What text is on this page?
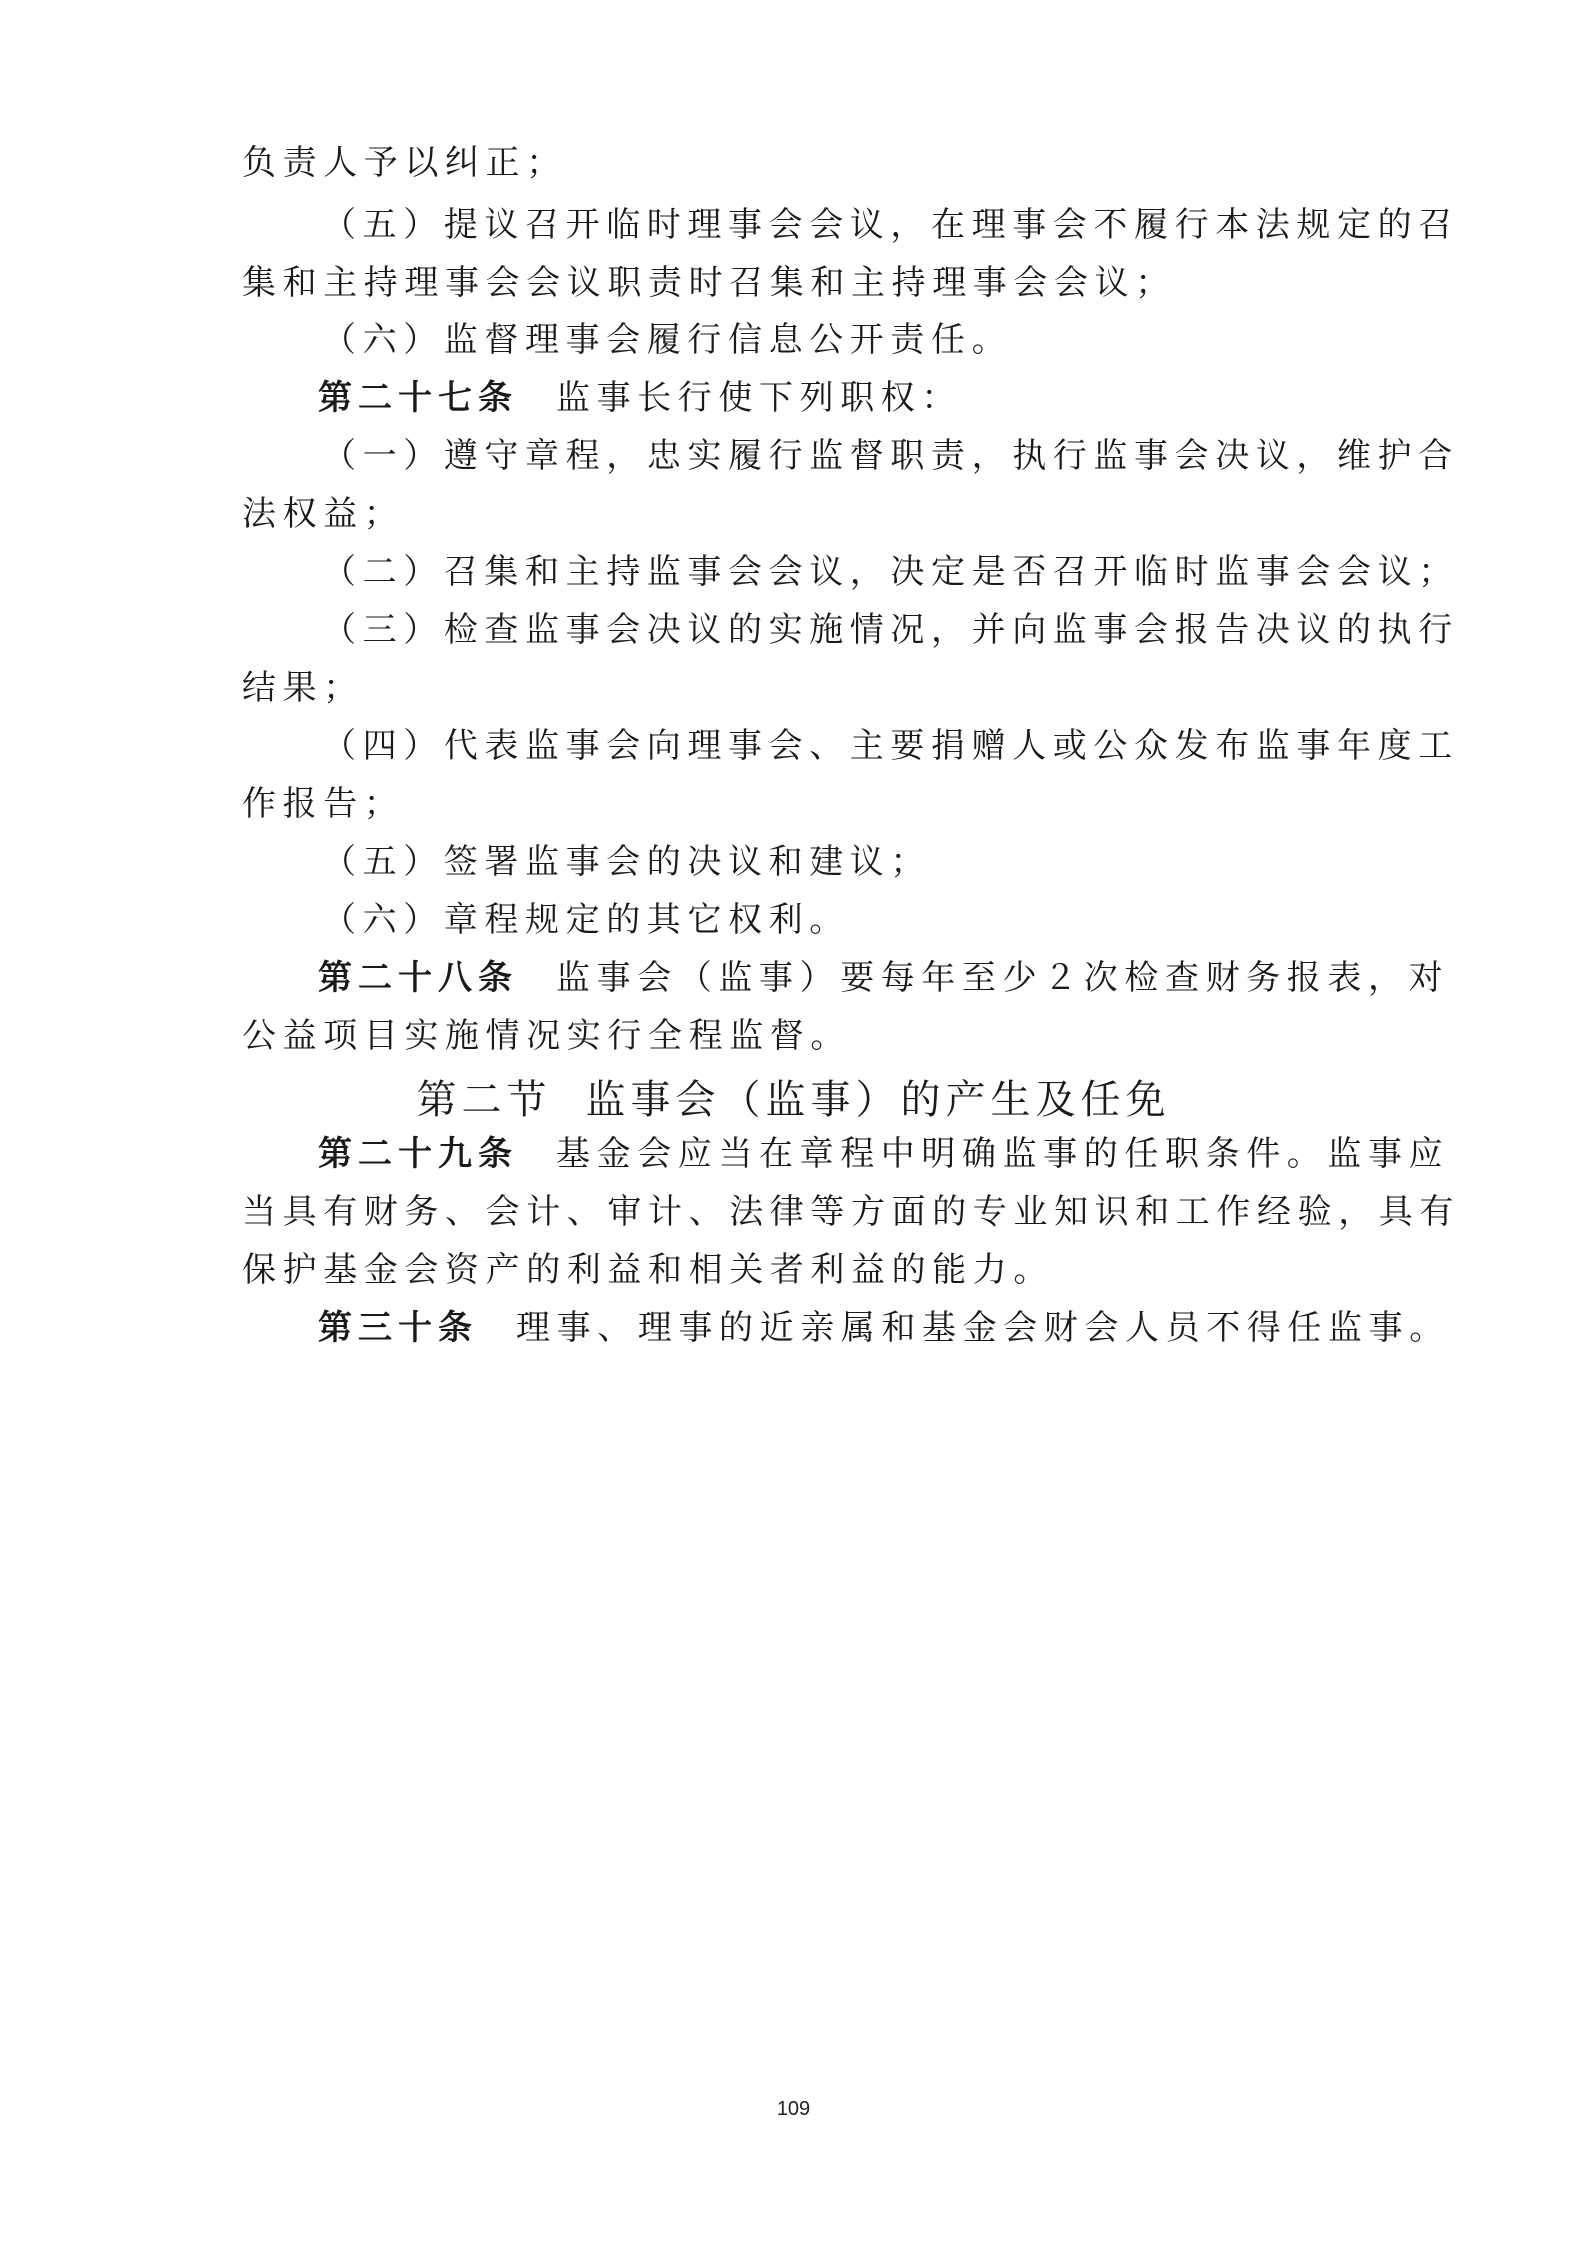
负责人予以纠正；
（五）提议召开临时理事会会议，在理事会不履行本法规定的召
集和主持理事会会议职责时召集和主持理事会会议；
（六）监督理事会履行信息公开责任。
第二十七条 监事长行使下列职权：
（一）遵守章程，忠实履行监督职责，执行监事会决议，维护合
法权益；
（二）召集和主持监事会会议，决定是否召开临时监事会会议；
（三）检查监事会决议的实施情况，并向监事会报告决议的执行
结果；
（四）代表监事会向理事会、主要捐赠人或公众发布监事年度工
作报告；
（五）签署监事会的决议和建议；
（六）章程规定的其它权利。
第二十八条 监事会（监事）要每年至少２次检查财务报表，对
公益项目实施情况实行全程监督。
第二节 监事会（监事）的产生及任免
第二十九条 基金会应当在章程中明确监事的任职条件。监事应
当具有财务、会计、审计、法律等方面的专业知识和工作经验，具有
保护基金会资产的利益和相关者利益的能力。
第三十条 理事、理事的近亲属和基金会财会人员不得任监事。
109
